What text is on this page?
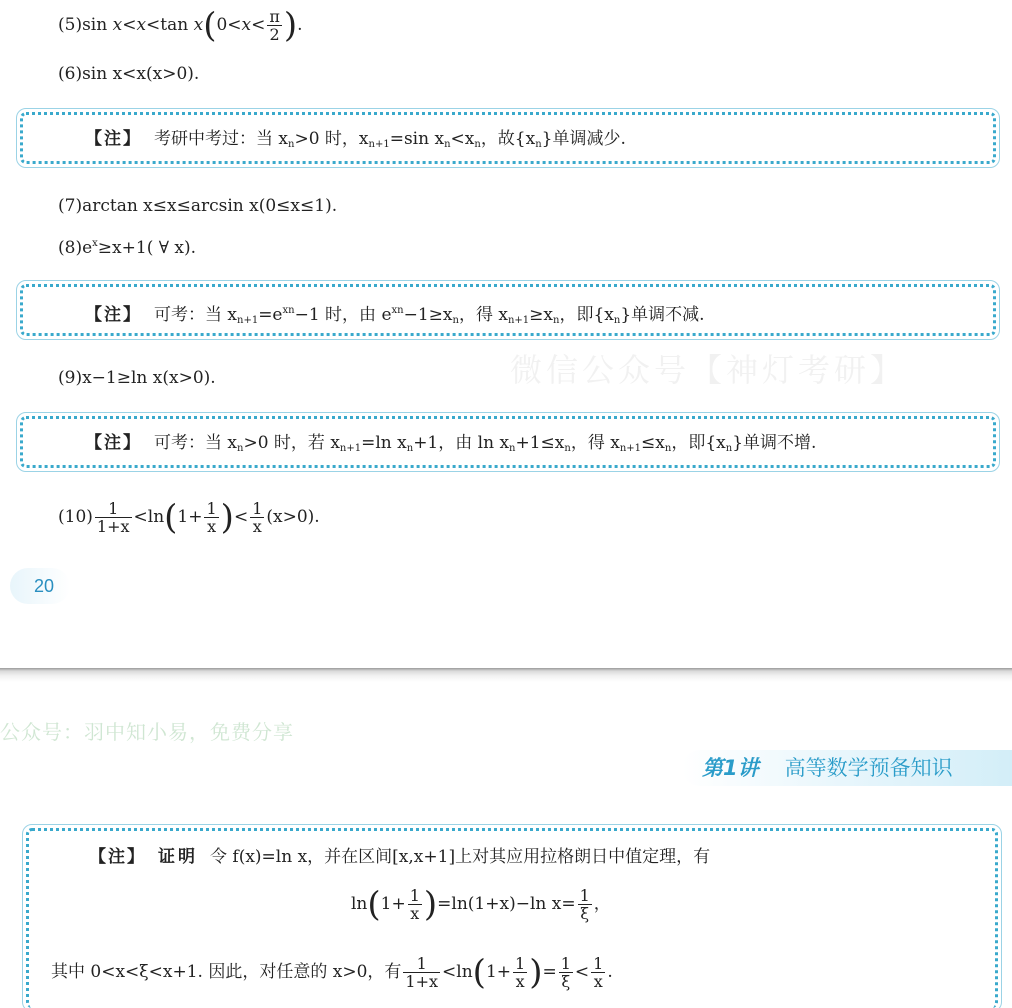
微信公众号【神灯考研】
(5)sin x<x<tan $x(0<x< \frac{\pi}{2}$ ).
(6)sin x<x(x>0).
【注】 考研中考过：当 $x_n>0$ 时，$x_{n+1}=\sin$ $x_n<x_n$，故$\{x_n\}$单调减少.
(7)arctan x≤x≤arcsin x(0≤x≤1).
$(8)e^x\ge x+1$( ∀ x).
【注】 可考：当 $x_{n+1}=e^{xn}-1$ 时，由 $e^{xn}-1\ge x_n$，得 $x_{n+1}\ge x_n$，即$\{x_n\}$单调不减.
(9)x−1≥ln x(x>0).
【注】 可考：当 $x_n>0$ 时，若 $x_{n+1}=\ln$ $x_n+1$，由 $\ln x_n+1\le x_n$，得 $x_{n+1}\le x_n$，即$\{x_n\}$单调不增.
$(10) \frac{1}{1+x} <\ln(1+ \frac{1}{x}$ )< $\frac{1}{x} (x>0)$.
20
公众号：羽中知小易，免费分享
第1讲 高等数学预备知识
【注】 证明 令 f(x)=ln x，并在区间[x,x+1]上对其应用拉格朗日中值定理，有
$\ln(1+ \frac{1}{x} )=\ln(1+x)-\ln$ $x= \frac{1}{\xi}$ ，
其中 0<x<ξ<x+1. 因此，对任意的 x>0，有 $\frac{1}{1+x} <\ln(1+ \frac{1}{x}$ )= $\frac{1}{\xi} < \frac{1}{x}$ .
